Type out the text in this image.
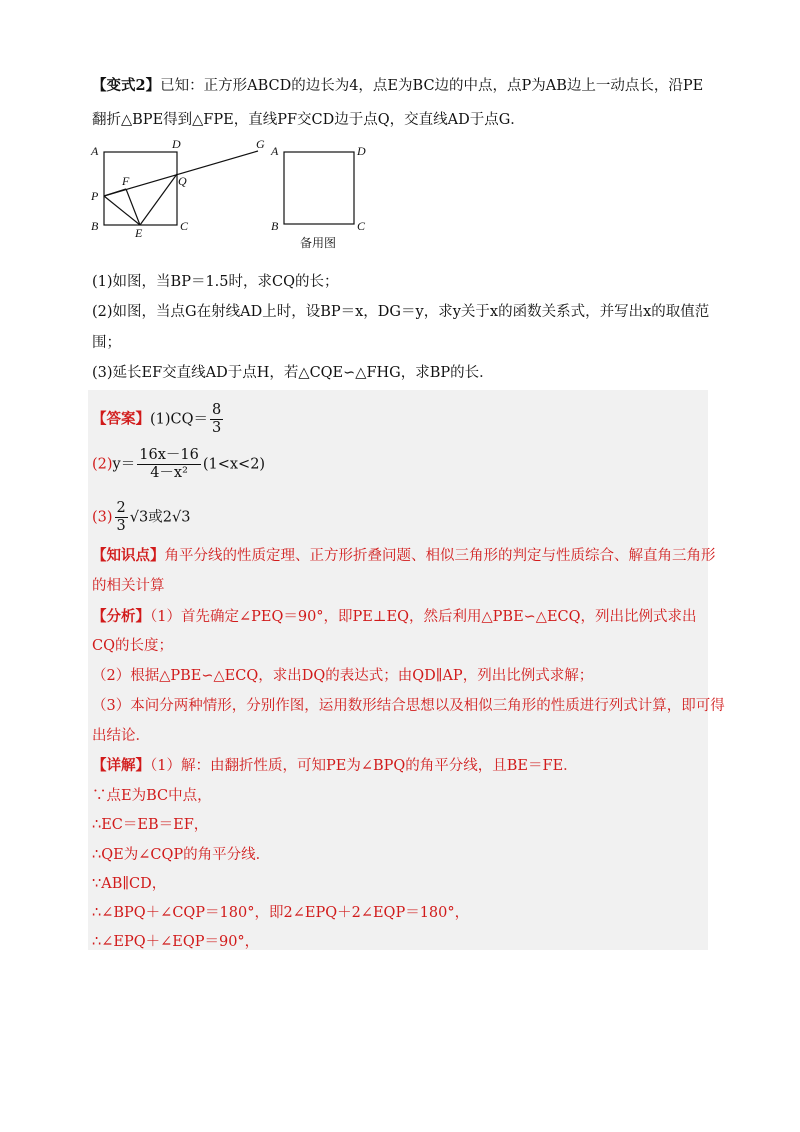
【变式2】已知：正方形ABCD的边长为4，点E为BC边的中点，点P为AB边上一动点长，沿PE
翻折△BPE得到△FPE，直线PF交CD边于点Q，交直线AD于点G．
A	D	G
P
F	Q
B	E	C
A	D
B	C
备用图
(1)如图，当BP＝1.5时，求CQ的长；
(2)如图，当点G在射线AD上时，设BP＝x，DG＝y，求y关于x的函数关系式，并写出x的取值范
围；
(3)延长EF交直线AD于点H，若△CQE∽△FHG，求BP的长．
【答案】$(1)CQ= \frac{8}{3}$
$(2)y= \frac{16x-16}{\text{4－x²}} (1<x<2)$
$(3) \frac{2}{3} √3$或2√3
【知识点】角平分线的性质定理、正方形折叠问题、相似三角形的判定与性质综合、解直角三角形
的相关计算
【分析】（1）首先确定∠PEQ＝90°，即PE⊥EQ，然后利用△PBE∽△ECQ，列出比例式求出
CQ的长度；
（2）根据△PBE∽△ECQ，求出DQ的表达式；由QD∥AP，列出比例式求解；
（3）本问分两种情形，分别作图，运用数形结合思想以及相似三角形的性质进行列式计算，即可得
出结论．
【详解】（1）解：由翻折性质，可知PE为∠BPQ的角平分线，且BE＝FE．
∵点E为BC中点，
∴EC＝EB＝EF，
∴QE为∠CQP的角平分线．
∵AB∥CD，
∴∠BPQ＋∠CQP＝180°，即2∠EPQ＋2∠EQP＝180°，
∴∠EPQ＋∠EQP＝90°，
